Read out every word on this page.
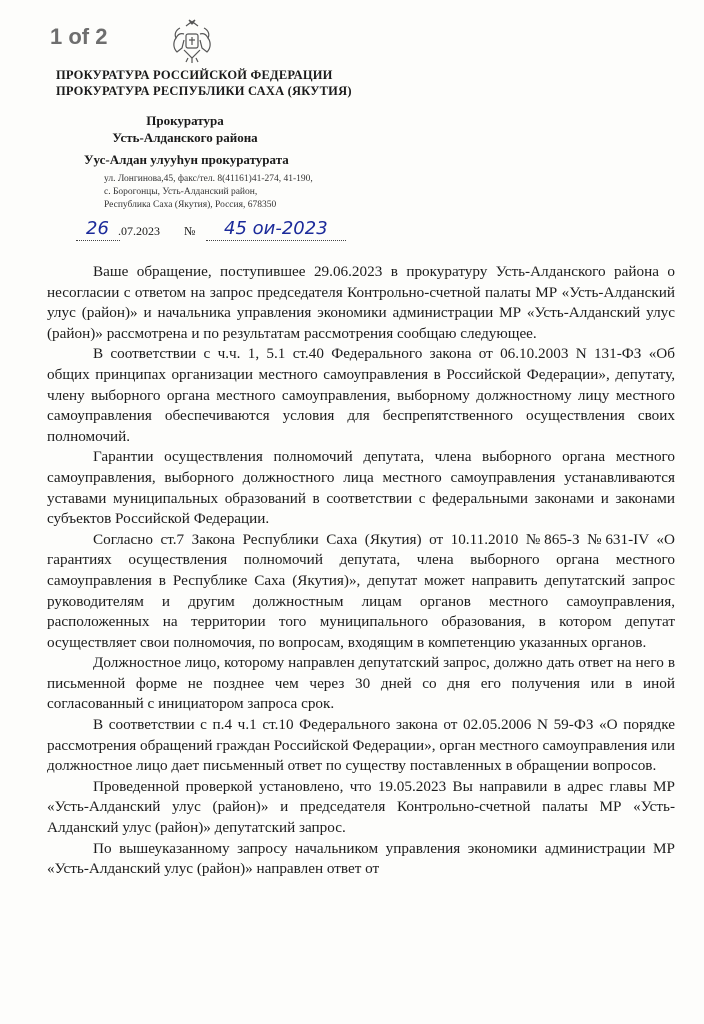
1 of 2
ПРОКУРАТУРА РОССИЙСКОЙ ФЕДЕРАЦИИ
ПРОКУРАТУРА РЕСПУБЛИКИ САХА (ЯКУТИЯ)
Прокуратура
Усть-Алданского района
Уус-Алдан улууһун прокуратурата
ул. Лонгинова,45, факс/тел. 8(41161)41-274, 41-190,
с. Борогонцы, Усть-Алданский район,
Республика Саха (Якутия), Россия, 678350
26 .07.2023 № 45 ои-2023

Ваше обращение, поступившее 29.06.2023 в прокуратуру Усть-Алданского района о несогласии с ответом на запрос председателя Контрольно-счетной палаты МР «Усть-Алданский улус (район)» и начальника управления экономики администрации МР «Усть-Алданский улус (район)» рассмотрена и по результатам рассмотрения сообщаю следующее.

В соответствии с ч.ч. 1, 5.1 ст.40 Федерального закона от 06.10.2003 N 131-ФЗ «Об общих принципах организации местного самоуправления в Российской Федерации», депутату, члену выборного органа местного самоуправления, выборному должностному лицу местного самоуправления обеспечиваются условия для беспрепятственного осуществления своих полномочий.

Гарантии осуществления полномочий депутата, члена выборного органа местного самоуправления, выборного должностного лица местного самоуправления устанавливаются уставами муниципальных образований в соответствии с федеральными законами и законами субъектов Российской Федерации.

Согласно ст.7 Закона Республики Саха (Якутия) от 10.11.2010 №865-З №631-IV «О гарантиях осуществления полномочий депутата, члена выборного органа местного самоуправления в Республике Саха (Якутия)», депутат может направить депутатский запрос руководителям и другим должностным лицам органов местного самоуправления, расположенных на территории того муниципального образования, в котором депутат осуществляет свои полномочия, по вопросам, входящим в компетенцию указанных органов.

Должностное лицо, которому направлен депутатский запрос, должно дать ответ на него в письменной форме не позднее чем через 30 дней со дня его получения или в иной согласованный с инициатором запроса срок.

В соответствии с п.4 ч.1 ст.10 Федерального закона от 02.05.2006 N 59-ФЗ «О порядке рассмотрения обращений граждан Российской Федерации», орган местного самоуправления или должностное лицо дает письменный ответ по существу поставленных в обращении вопросов.

Проведенной проверкой установлено, что 19.05.2023 Вы направили в адрес главы МР «Усть-Алданский улус (район)» и председателя Контрольно-счетной палаты МР «Усть-Алданский улус (район)» депутатский запрос.

По вышеуказанному запросу начальником управления экономики администрации МР «Усть-Алданский улус (район)» направлен ответ от
